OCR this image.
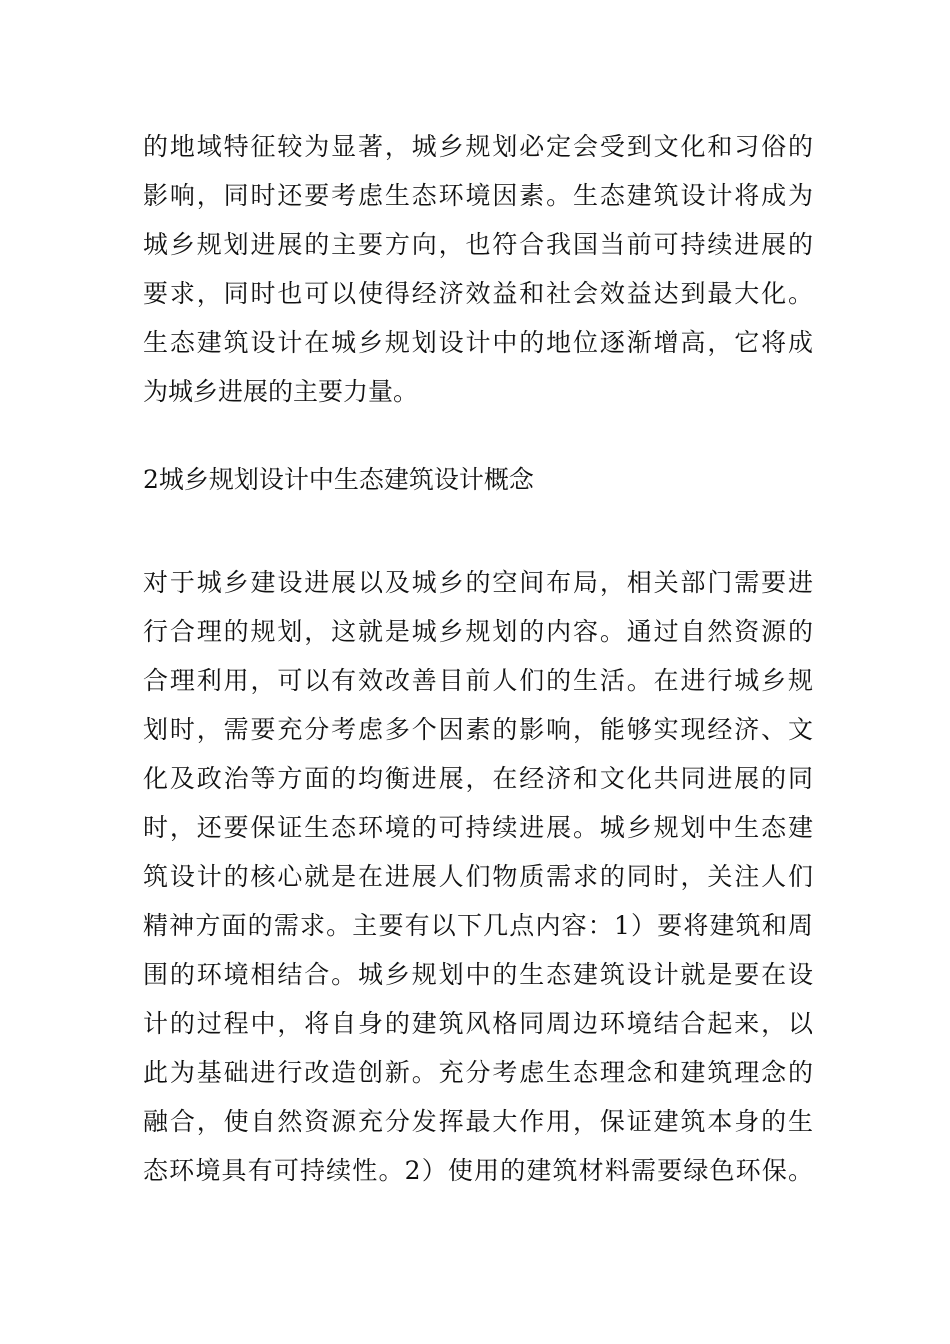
的地域特征较为显著，城乡规划必定会受到文化和习俗的
影响，同时还要考虑生态环境因素。生态建筑设计将成为
城乡规划进展的主要方向，也符合我国当前可持续进展的
要求，同时也可以使得经济效益和社会效益达到最大化。
生态建筑设计在城乡规划设计中的地位逐渐增高，它将成
为城乡进展的主要力量。
2城乡规划设计中生态建筑设计概念
对于城乡建设进展以及城乡的空间布局，相关部门需要进
行合理的规划，这就是城乡规划的内容。通过自然资源的
合理利用，可以有效改善目前人们的生活。在进行城乡规
划时，需要充分考虑多个因素的影响，能够实现经济、文
化及政治等方面的均衡进展，在经济和文化共同进展的同
时，还要保证生态环境的可持续进展。城乡规划中生态建
筑设计的核心就是在进展人们物质需求的同时，关注人们
精神方面的需求。主要有以下几点内容：1）要将建筑和周
围的环境相结合。城乡规划中的生态建筑设计就是要在设
计的过程中，将自身的建筑风格同周边环境结合起来，以
此为基础进行改造创新。充分考虑生态理念和建筑理念的
融合，使自然资源充分发挥最大作用，保证建筑本身的生
态环境具有可持续性。2）使用的建筑材料需要绿色环保。
